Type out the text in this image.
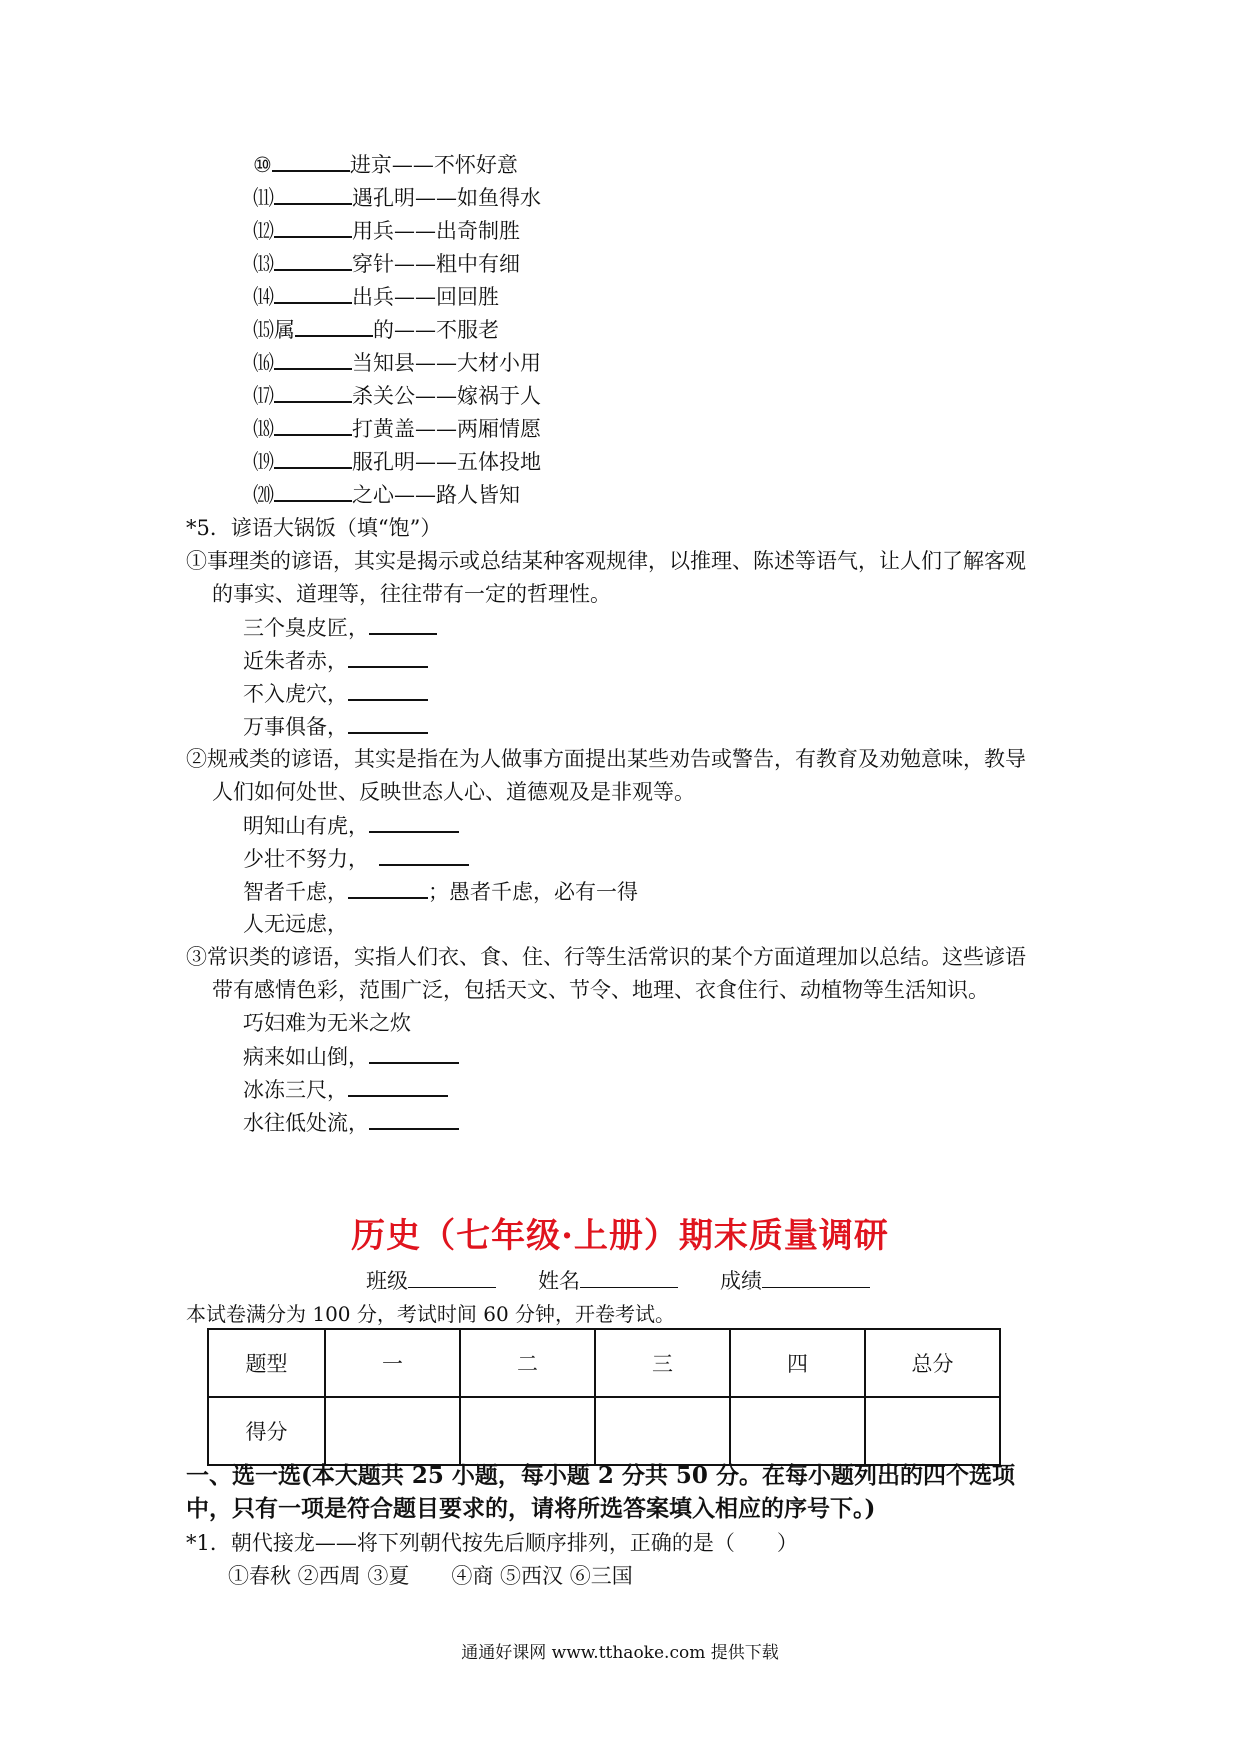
⑩	进京——不怀好意
⑾	遇孔明——如鱼得水
⑿	用兵——出奇制胜
⒀	穿针——粗中有细
⒁	出兵——回回胜
⒂属	的——不服老
⒃	当知县——大材小用
⒄	杀关公——嫁祸于人
⒅	打黄盖——两厢情愿
⒆	服孔明——五体投地
⒇	之心——路人皆知
*5．谚语大锅饭（填“饱”）
①事理类的谚语，其实是揭示或总结某种客观规律，以推理、陈述等语气，让人们了解客观
的事实、道理等，往往带有一定的哲理性。
三个臭皮匠，
近朱者赤，
不入虎穴，
万事俱备，
②规戒类的谚语，其实是指在为人做事方面提出某些劝告或警告，有教育及劝勉意味，教导
人们如何处世、反映世态人心、道德观及是非观等。
明知山有虎，
少壮不努力，
智者千虑，	；愚者千虑，必有一得
人无远虑，
③常识类的谚语，实指人们衣、食、住、行等生活常识的某个方面道理加以总结。这些谚语
带有感情色彩，范围广泛，包括天文、节令、地理、衣食住行、动植物等生活知识。
巧妇难为无米之炊
病来如山倒，
冰冻三尺，
水往低处流，
历史（七年级·上册）期末质量调研
班级	姓名	成绩
本试卷满分为 100 分，考试时间 60 分钟，开卷考试。
题型	一	二	三	四	总分
得分					
一、选一选(本大题共 25 小题，每小题 2 分共 50 分。在每小题列出的四个选项
中，只有一项是符合题目要求的，请将所选答案填入相应的序号下。)
*1．朝代接龙——将下列朝代按先后顺序排列，正确的是（　　）
①春秋 ②西周 ③夏　　④商 ⑤西汉 ⑥三国
通通好课网 www.tthaoke.com 提供下载
